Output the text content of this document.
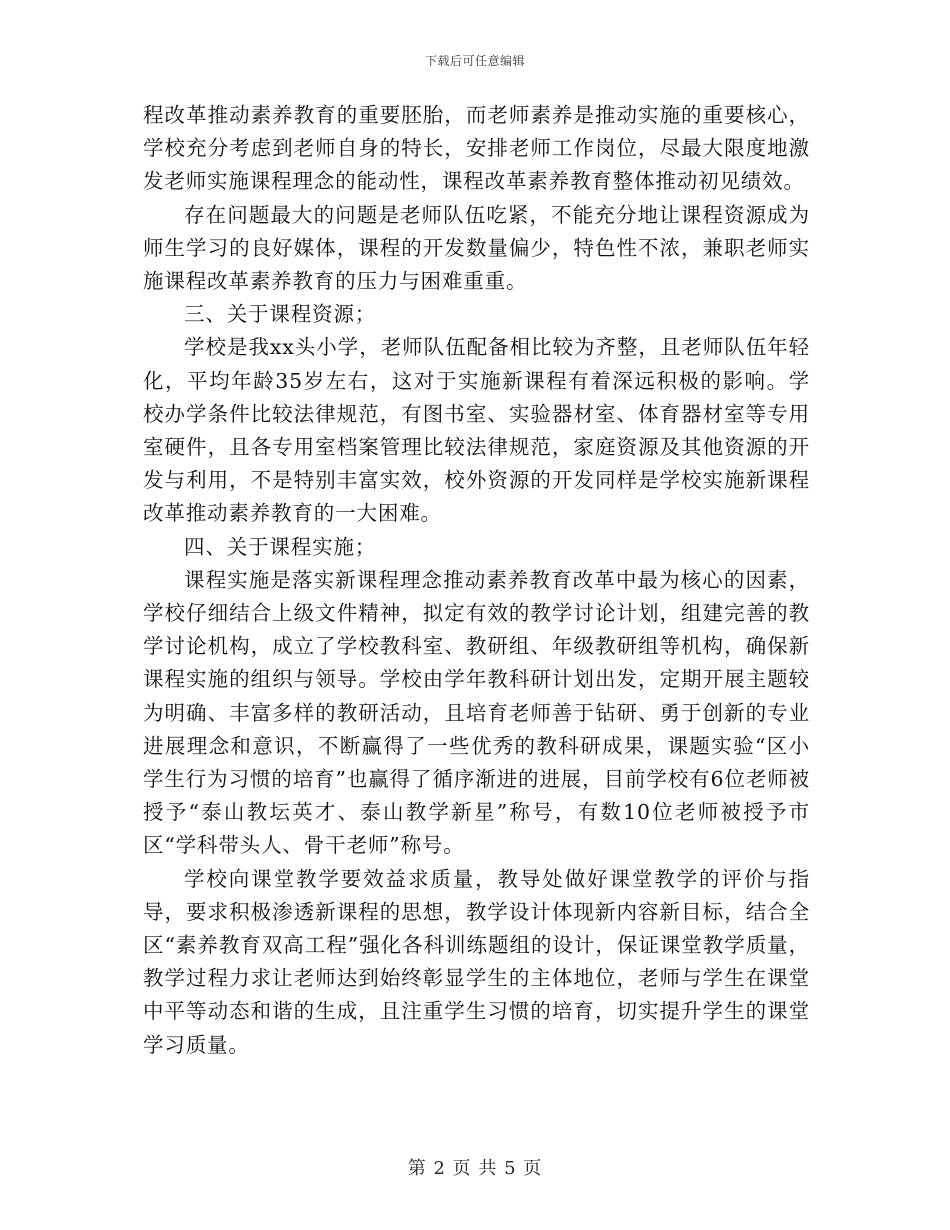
下载后可任意编辑

程改革推动素养教育的重要胚胎，而老师素养是推动实施的重要核心，学校充分考虑到老师自身的特长，安排老师工作岗位，尽最大限度地激发老师实施课程理念的能动性，课程改革素养教育整体推动初见绩效。

存在问题最大的问题是老师队伍吃紧，不能充分地让课程资源成为师生学习的良好媒体，课程的开发数量偏少，特色性不浓，兼职老师实施课程改革素养教育的压力与困难重重。

三、关于课程资源；

学校是我xx头小学，老师队伍配备相比较为齐整，且老师队伍年轻化，平均年龄35岁左右，这对于实施新课程有着深远积极的影响。学校办学条件比较法律规范，有图书室、实验器材室、体育器材室等专用室硬件，且各专用室档案管理比较法律规范，家庭资源及其他资源的开发与利用，不是特别丰富实效，校外资源的开发同样是学校实施新课程改革推动素养教育的一大困难。

四、关于课程实施；

课程实施是落实新课程理念推动素养教育改革中最为核心的因素，学校仔细结合上级文件精神，拟定有效的教学讨论计划，组建完善的教学讨论机构，成立了学校教科室、教研组、年级教研组等机构，确保新课程实施的组织与领导。学校由学年教科研计划出发，定期开展主题较为明确、丰富多样的教研活动，且培育老师善于钻研、勇于创新的专业进展理念和意识，不断赢得了一些优秀的教科研成果，课题实验“区小学生行为习惯的培育”也赢得了循序渐进的进展，目前学校有6位老师被授予“泰山教坛英才、泰山教学新星”称号，有数10位老师被授予市区“学科带头人、骨干老师”称号。

学校向课堂教学要效益求质量，教导处做好课堂教学的评价与指导，要求积极渗透新课程的思想，教学设计体现新内容新目标，结合全区“素养教育双高工程”强化各科训练题组的设计，保证课堂教学质量，教学过程力求让老师达到始终彰显学生的主体地位，老师与学生在课堂中平等动态和谐的生成，且注重学生习惯的培育，切实提升学生的课堂学习质量。

第 2 页 共 5 页
